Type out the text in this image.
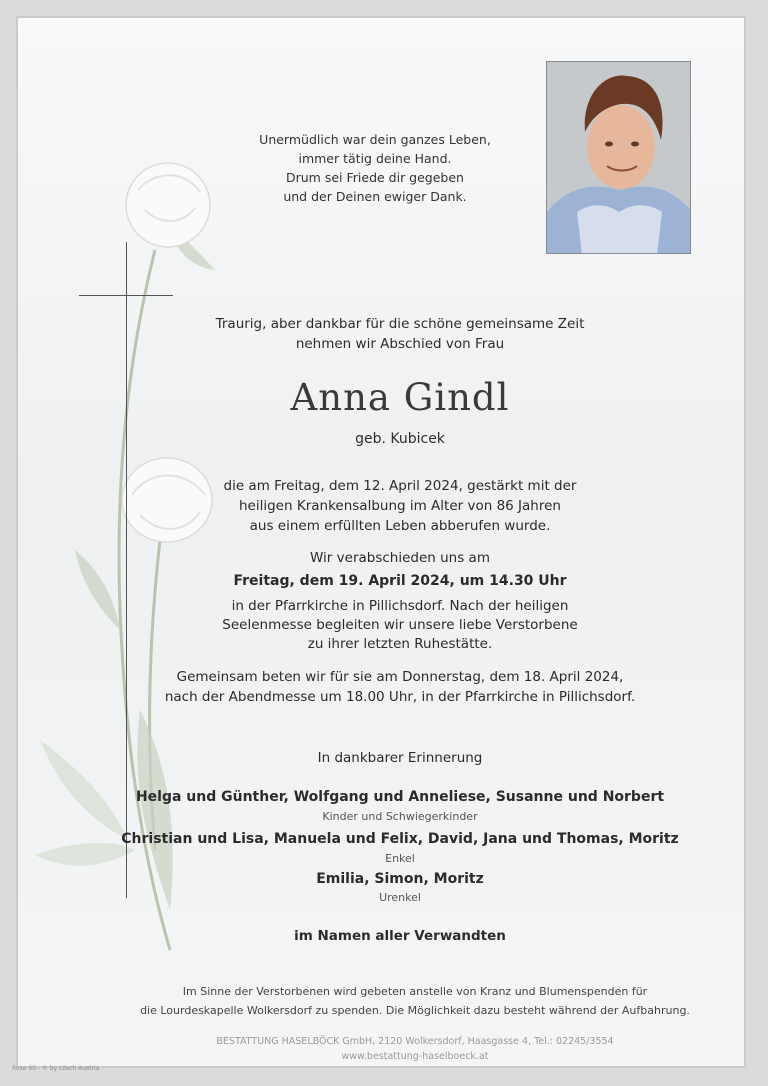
Unermüdlich war dein ganzes Leben,
immer tätig deine Hand.
Drum sei Friede dir gegeben
und der Deinen ewiger Dank.
Traurig, aber dankbar für die schöne gemeinsame Zeit
nehmen wir Abschied von Frau
Anna Gindl
geb. Kubicek
die am Freitag, dem 12. April 2024, gestärkt mit der
heiligen Krankensalbung im Alter von 86 Jahren
aus einem erfüllten Leben abberufen wurde.
Wir verabschieden uns am
Freitag, dem 19. April 2024, um 14.30 Uhr
in der Pfarrkirche in Pillichsdorf. Nach der heiligen
Seelenmesse begleiten wir unsere liebe Verstorbene
zu ihrer letzten Ruhestätte.
Gemeinsam beten wir für sie am Donnerstag, dem 18. April 2024,
nach der Abendmesse um 18.00 Uhr, in der Pfarrkirche in Pillichsdorf.
In dankbarer Erinnerung
Helga und Günther, Wolfgang und Anneliese, Susanne und Norbert
Kinder und Schwiegerkinder
Christian und Lisa, Manuela und Felix, David, Jana und Thomas, Moritz
Enkel
Emilia, Simon, Moritz
Urenkel
im Namen aller Verwandten
Im Sinne der Verstorbenen wird gebeten anstelle von Kranz und Blumenspenden für
die Lourdeskapelle Wolkersdorf zu spenden. Die Möglichkeit dazu besteht während der Aufbahrung.
BESTATTUNG HASELBÖCK GmbH, 2120 Wolkersdorf, Haasgasse 4, Tel.: 02245/3554
www.bestattung-haselboeck.at
Rose 90 - © by Lösch Austria
